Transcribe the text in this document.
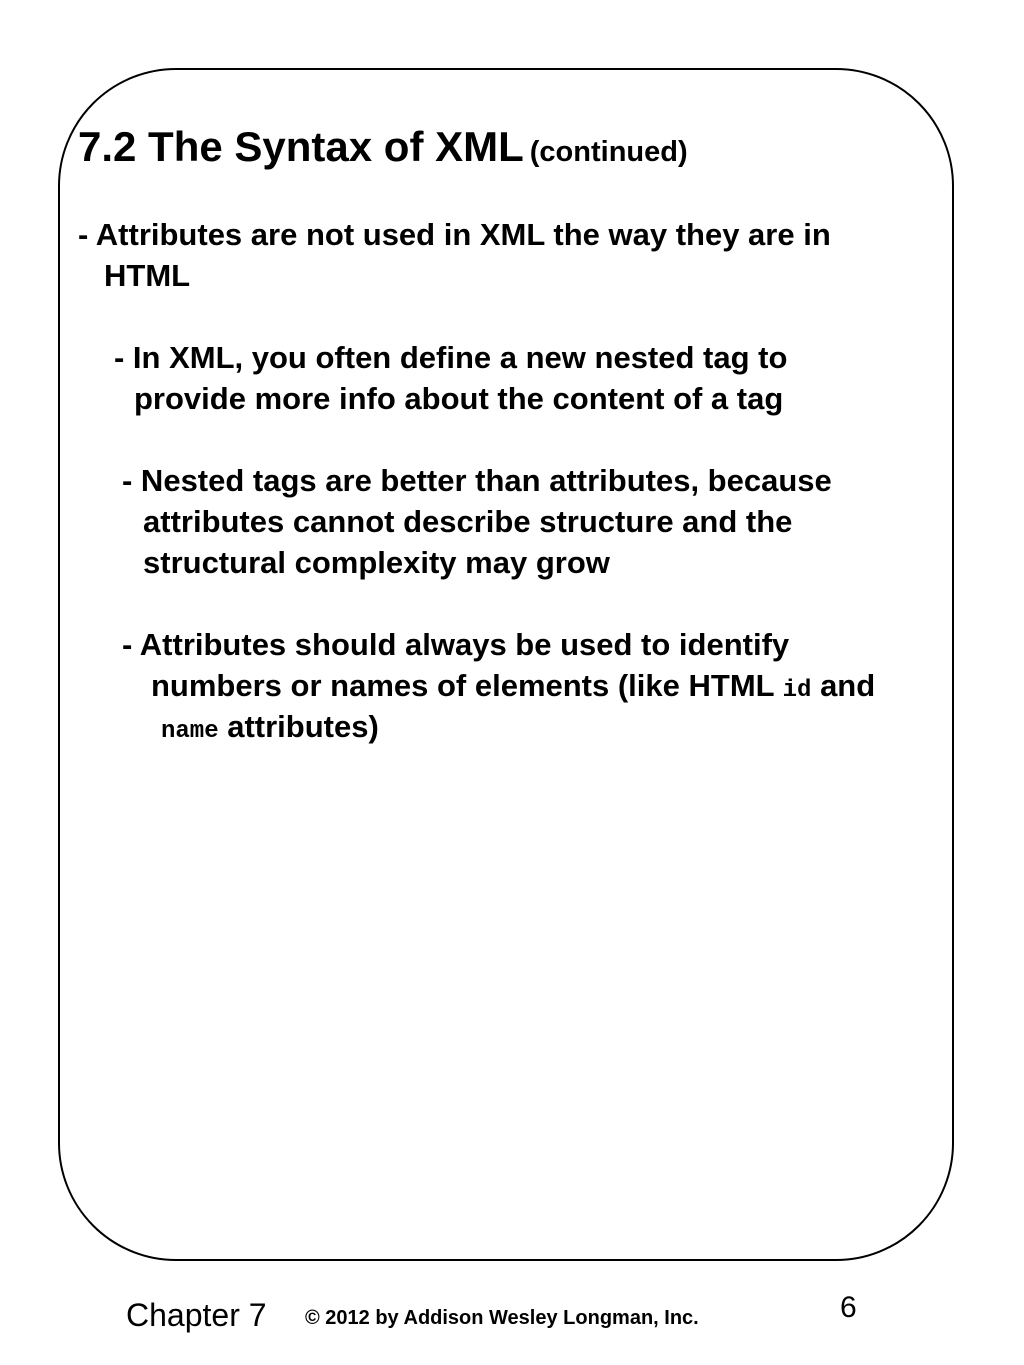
7.2 The Syntax of XML (continued)
- Attributes are not used in XML the way they are in
HTML
- In XML, you often define a new nested tag to
provide more info about the content of a tag
- Nested tags are better than attributes, because
attributes cannot describe structure and the
structural complexity may grow
- Attributes should always be used to identify
numbers or names of elements (like HTML id and
name attributes)
Chapter 7 © 2012 by Addison Wesley Longman, Inc.	6
